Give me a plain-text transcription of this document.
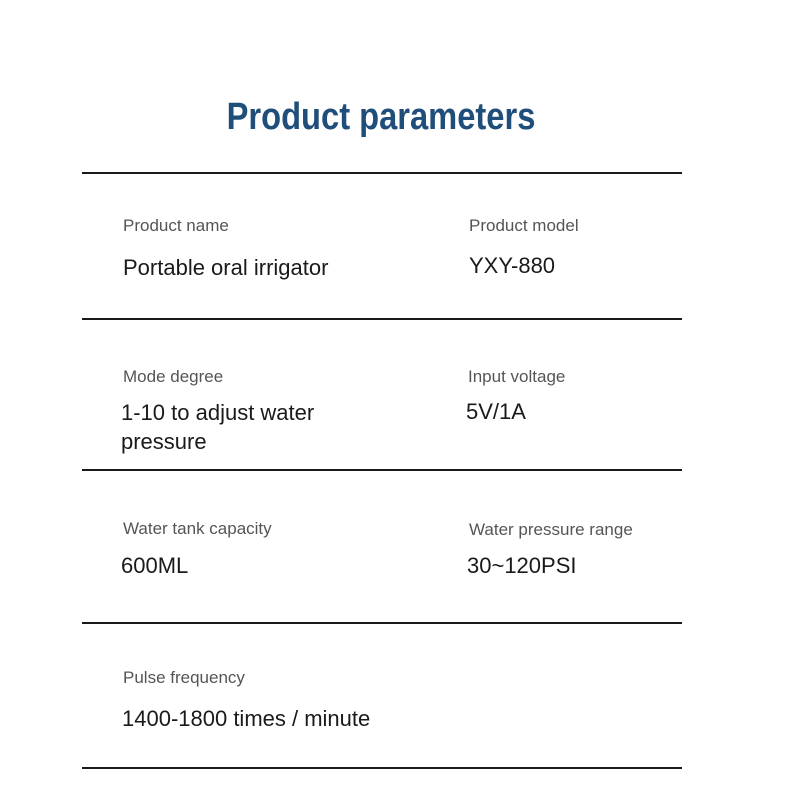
Product parameters
Product name
Portable oral irrigator
Product model
YXY-880
Mode degree
1-10 to adjust water pressure
Input voltage
5V/1A
Water tank capacity
600ML
Water pressure range
30~120PSI
Pulse frequency
1400-1800 times / minute
